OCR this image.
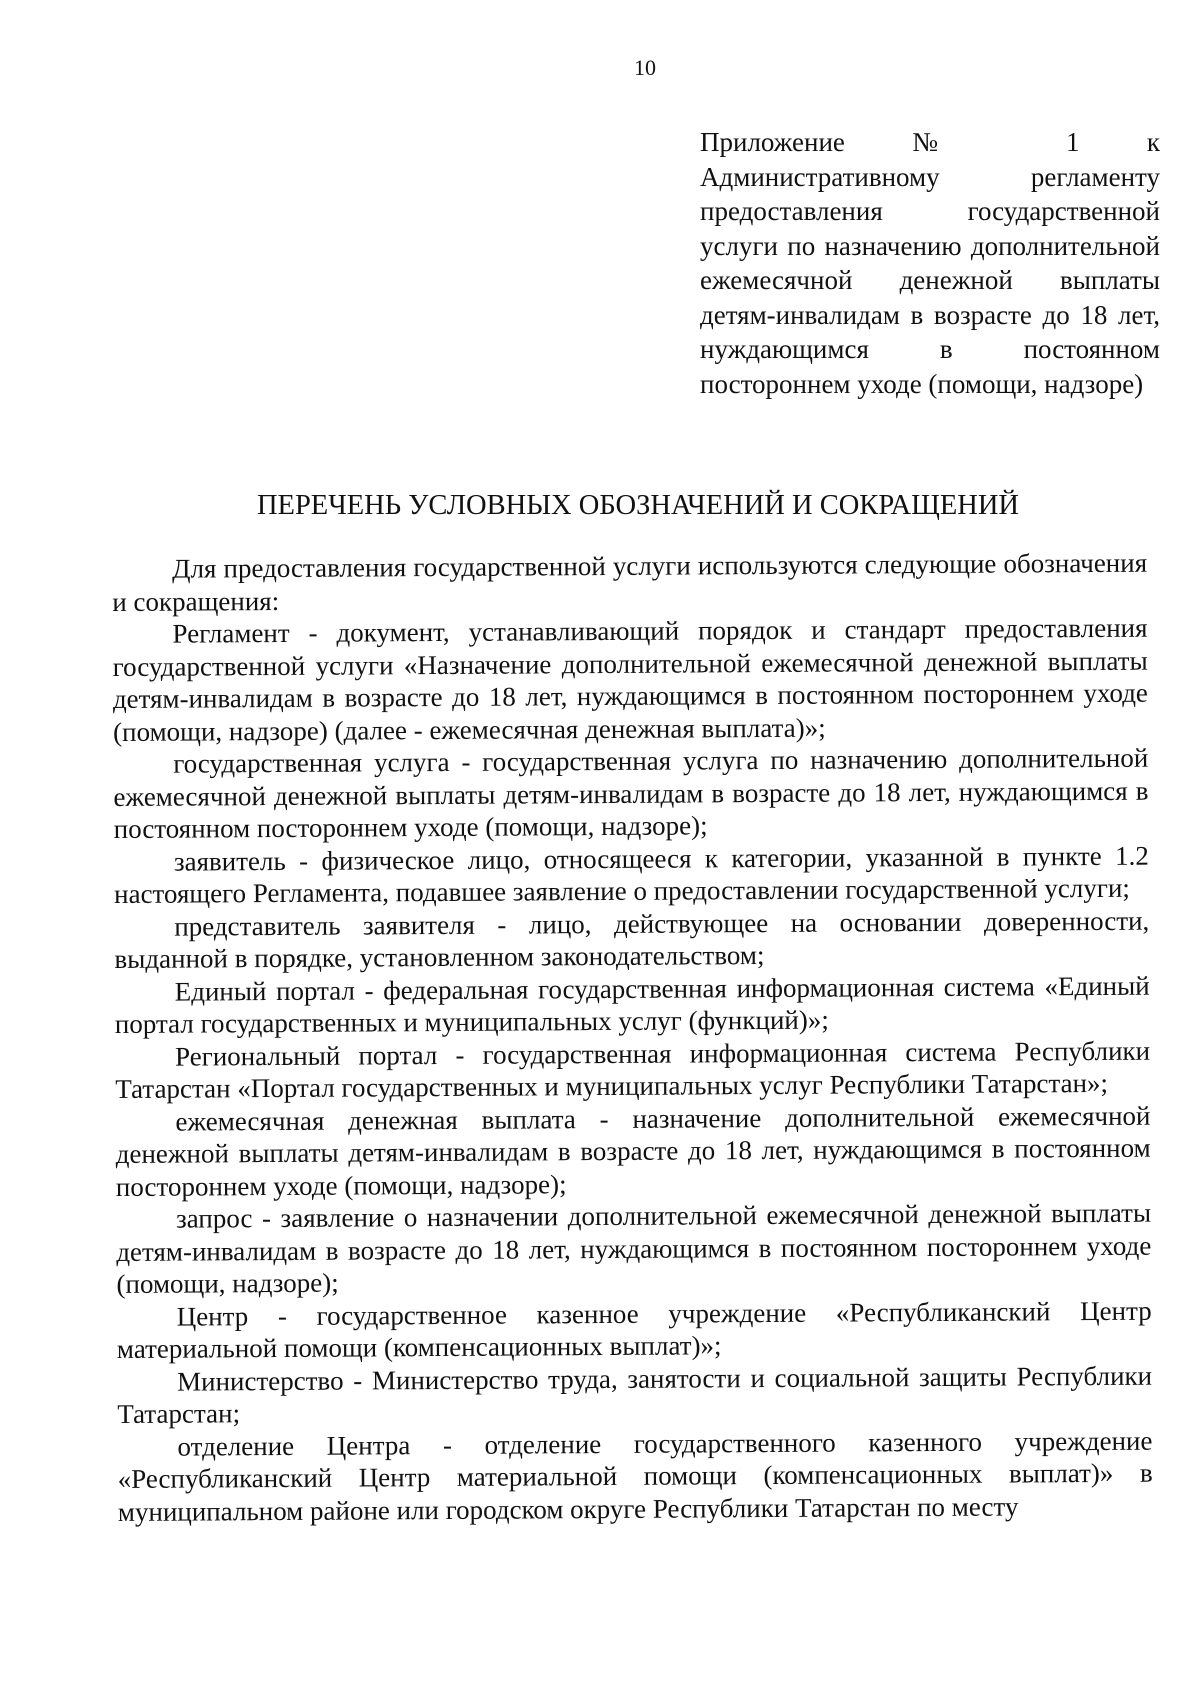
10
Приложение № 1 к Административному регламенту предоставления государственной услуги по назначению дополнительной ежемесячной денежной выплаты детям-инвалидам в возрасте до 18 лет, нуждающимся в постоянном постороннем уходе (помощи, надзоре)
ПЕРЕЧЕНЬ УСЛОВНЫХ ОБОЗНАЧЕНИЙ И СОКРАЩЕНИЙ

Для предоставления государственной услуги используются следующие обозначения и сокращения:

Регламент - документ, устанавливающий порядок и стандарт предоставления государственной услуги «Назначение дополнительной ежемесячной денежной выплаты детям-инвалидам в возрасте до 18 лет, нуждающимся в постоянном постороннем уходе (помощи, надзоре) (далее - ежемесячная денежная выплата)»;

государственная услуга - государственная услуга по назначению дополнительной ежемесячной денежной выплаты детям-инвалидам в возрасте до 18 лет, нуждающимся в постоянном постороннем уходе (помощи, надзоре);

заявитель - физическое лицо, относящееся к категории, указанной в пункте 1.2 настоящего Регламента, подавшее заявление о предоставлении государственной услуги;

представитель заявителя - лицо, действующее на основании доверенности, выданной в порядке, установленном законодательством;

Единый портал - федеральная государственная информационная система «Единый портал государственных и муниципальных услуг (функций)»;

Региональный портал - государственная информационная система Республики Татарстан «Портал государственных и муниципальных услуг Республики Татарстан»;

ежемесячная денежная выплата - назначение дополнительной ежемесячной денежной выплаты детям-инвалидам в возрасте до 18 лет, нуждающимся в постоянном постороннем уходе (помощи, надзоре);

запрос - заявление о назначении дополнительной ежемесячной денежной выплаты детям-инвалидам в возрасте до 18 лет, нуждающимся в постоянном постороннем уходе (помощи, надзоре);

Центр - государственное казенное учреждение «Республиканский Центр материальной помощи (компенсационных выплат)»;

Министерство - Министерство труда, занятости и социальной защиты Республики Татарстан;

отделение Центра - отделение государственного казенного учреждение «Республиканский Центр материальной помощи (компенсационных выплат)» в муниципальном районе или городском округе Республики Татарстан по месту
